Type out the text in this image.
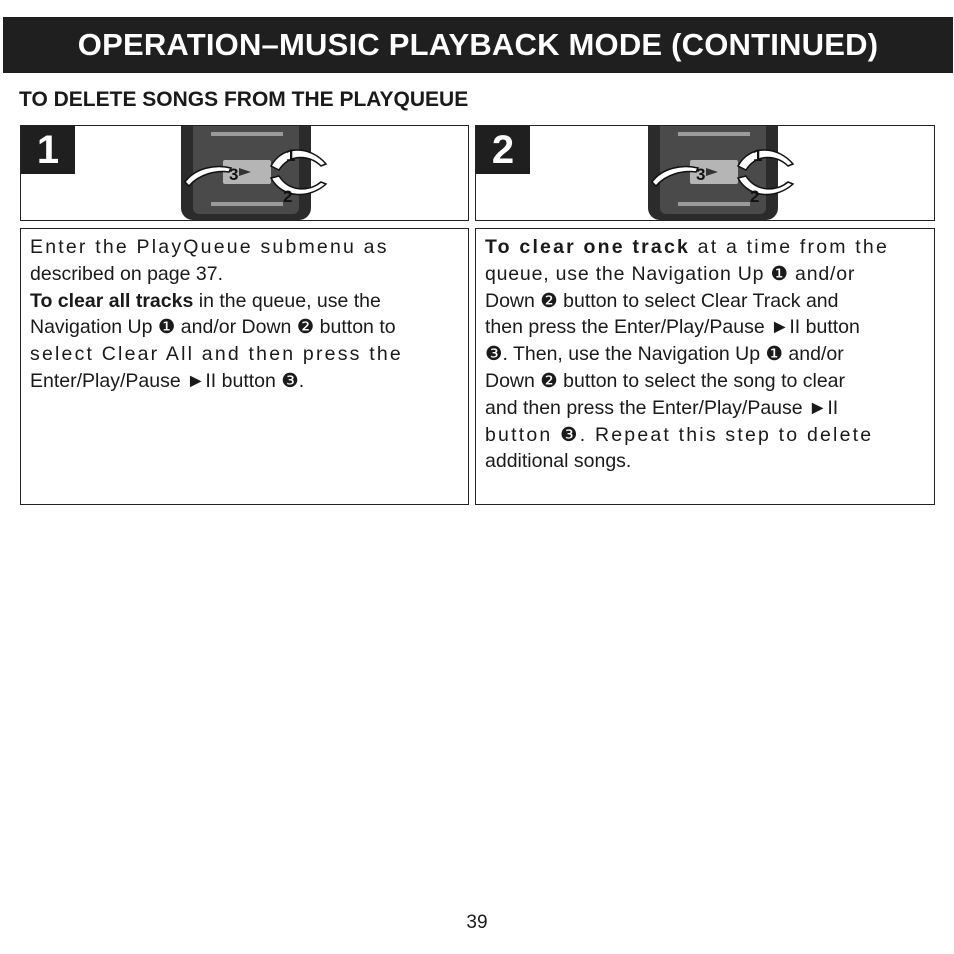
OPERATION–MUSIC PLAYBACK MODE (CONTINUED)
TO DELETE SONGS FROM THE PLAYQUEUE
1	1
2
3
2	1
2
3

Enter the PlayQueue submenu as
described on page 37.
To clear all tracks in the queue, use the
Navigation Up ❶ and/or Down ❷ button to
select Clear All and then press the
Enter/Play/Pause ►II button ❸.

To clear one track at a time from the
queue, use the Navigation Up ❶ and/or
Down ❷ button to select Clear Track and
then press the Enter/Play/Pause ►II button
❸. Then, use the Navigation Up ❶ and/or
Down ❷ button to select the song to clear
and then press the Enter/Play/Pause ►II
button ❸. Repeat this step to delete
additional songs.

39
